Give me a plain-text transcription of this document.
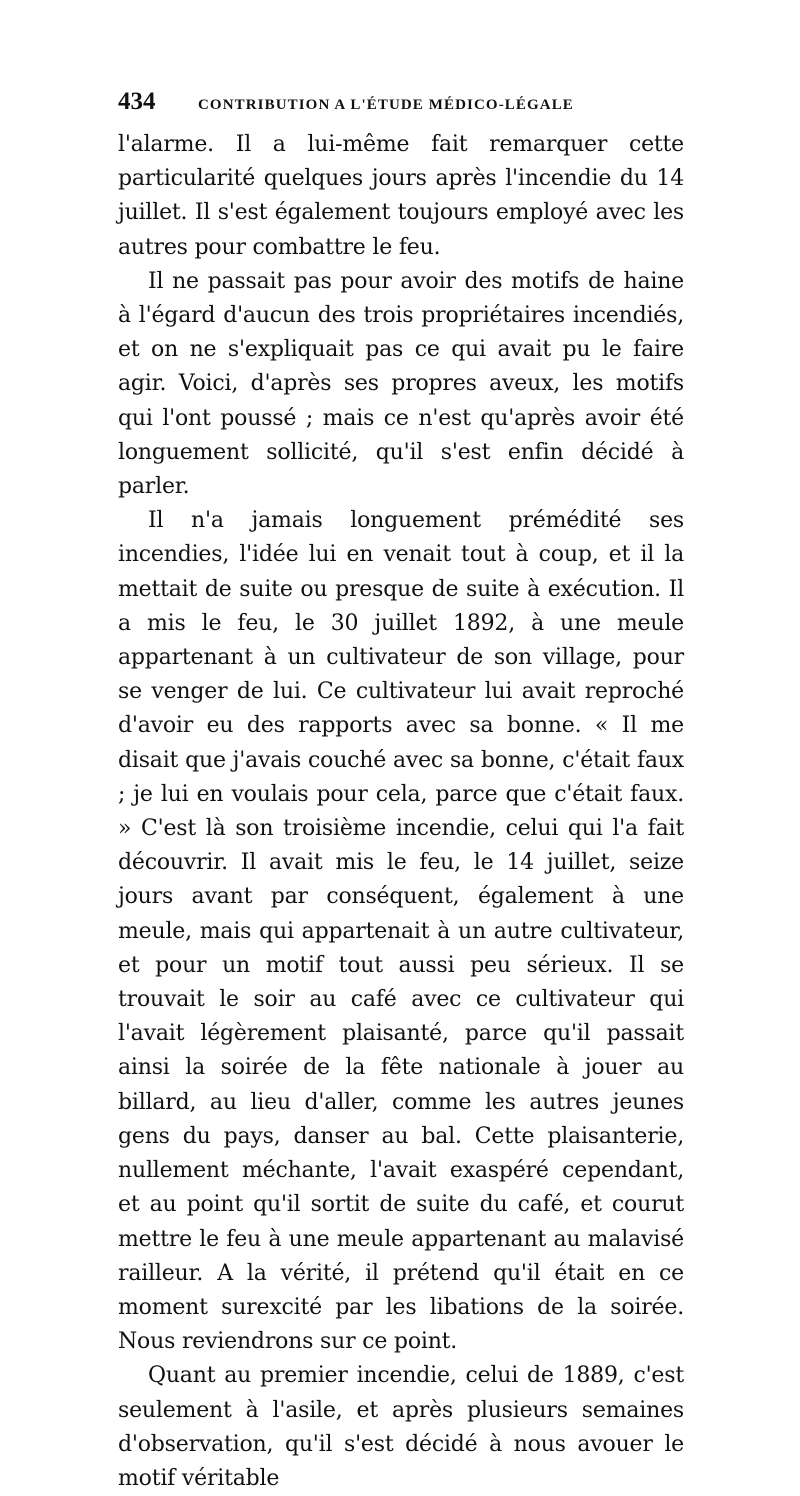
434	CONTRIBUTION A L'ÉTUDE MÉDICO-LÉGALE

l'alarme. Il a lui-même fait remarquer cette particularité quelques jours après l'incendie du 14 juillet. Il s'est également toujours employé avec les autres pour combattre le feu.

Il ne passait pas pour avoir des motifs de haine à l'égard d'aucun des trois propriétaires incendiés, et on ne s'expliquait pas ce qui avait pu le faire agir. Voici, d'après ses propres aveux, les motifs qui l'ont poussé ; mais ce n'est qu'après avoir été longuement sollicité, qu'il s'est enfin décidé à parler.

Il n'a jamais longuement prémédité ses incendies, l'idée lui en venait tout à coup, et il la mettait de suite ou presque de suite à exécution. Il a mis le feu, le 30 juillet 1892, à une meule appartenant à un cultivateur de son village, pour se venger de lui. Ce cultivateur lui avait reproché d'avoir eu des rapports avec sa bonne. « Il me disait que j'avais couché avec sa bonne, c'était faux ; je lui en voulais pour cela, parce que c'était faux. » C'est là son troisième incendie, celui qui l'a fait découvrir. Il avait mis le feu, le 14 juillet, seize jours avant par conséquent, également à une meule, mais qui appartenait à un autre cultivateur, et pour un motif tout aussi peu sérieux. Il se trouvait le soir au café avec ce cultivateur qui l'avait légèrement plaisanté, parce qu'il passait ainsi la soirée de la fête nationale à jouer au billard, au lieu d'aller, comme les autres jeunes gens du pays, danser au bal. Cette plaisanterie, nullement méchante, l'avait exaspéré cependant, et au point qu'il sortit de suite du café, et courut mettre le feu à une meule appartenant au malavisé railleur. A la vérité, il prétend qu'il était en ce moment surexcité par les libations de la soirée. Nous reviendrons sur ce point.

Quant au premier incendie, celui de 1889, c'est seulement à l'asile, et après plusieurs semaines d'observation, qu'il s'est décidé à nous avouer le motif véritable
